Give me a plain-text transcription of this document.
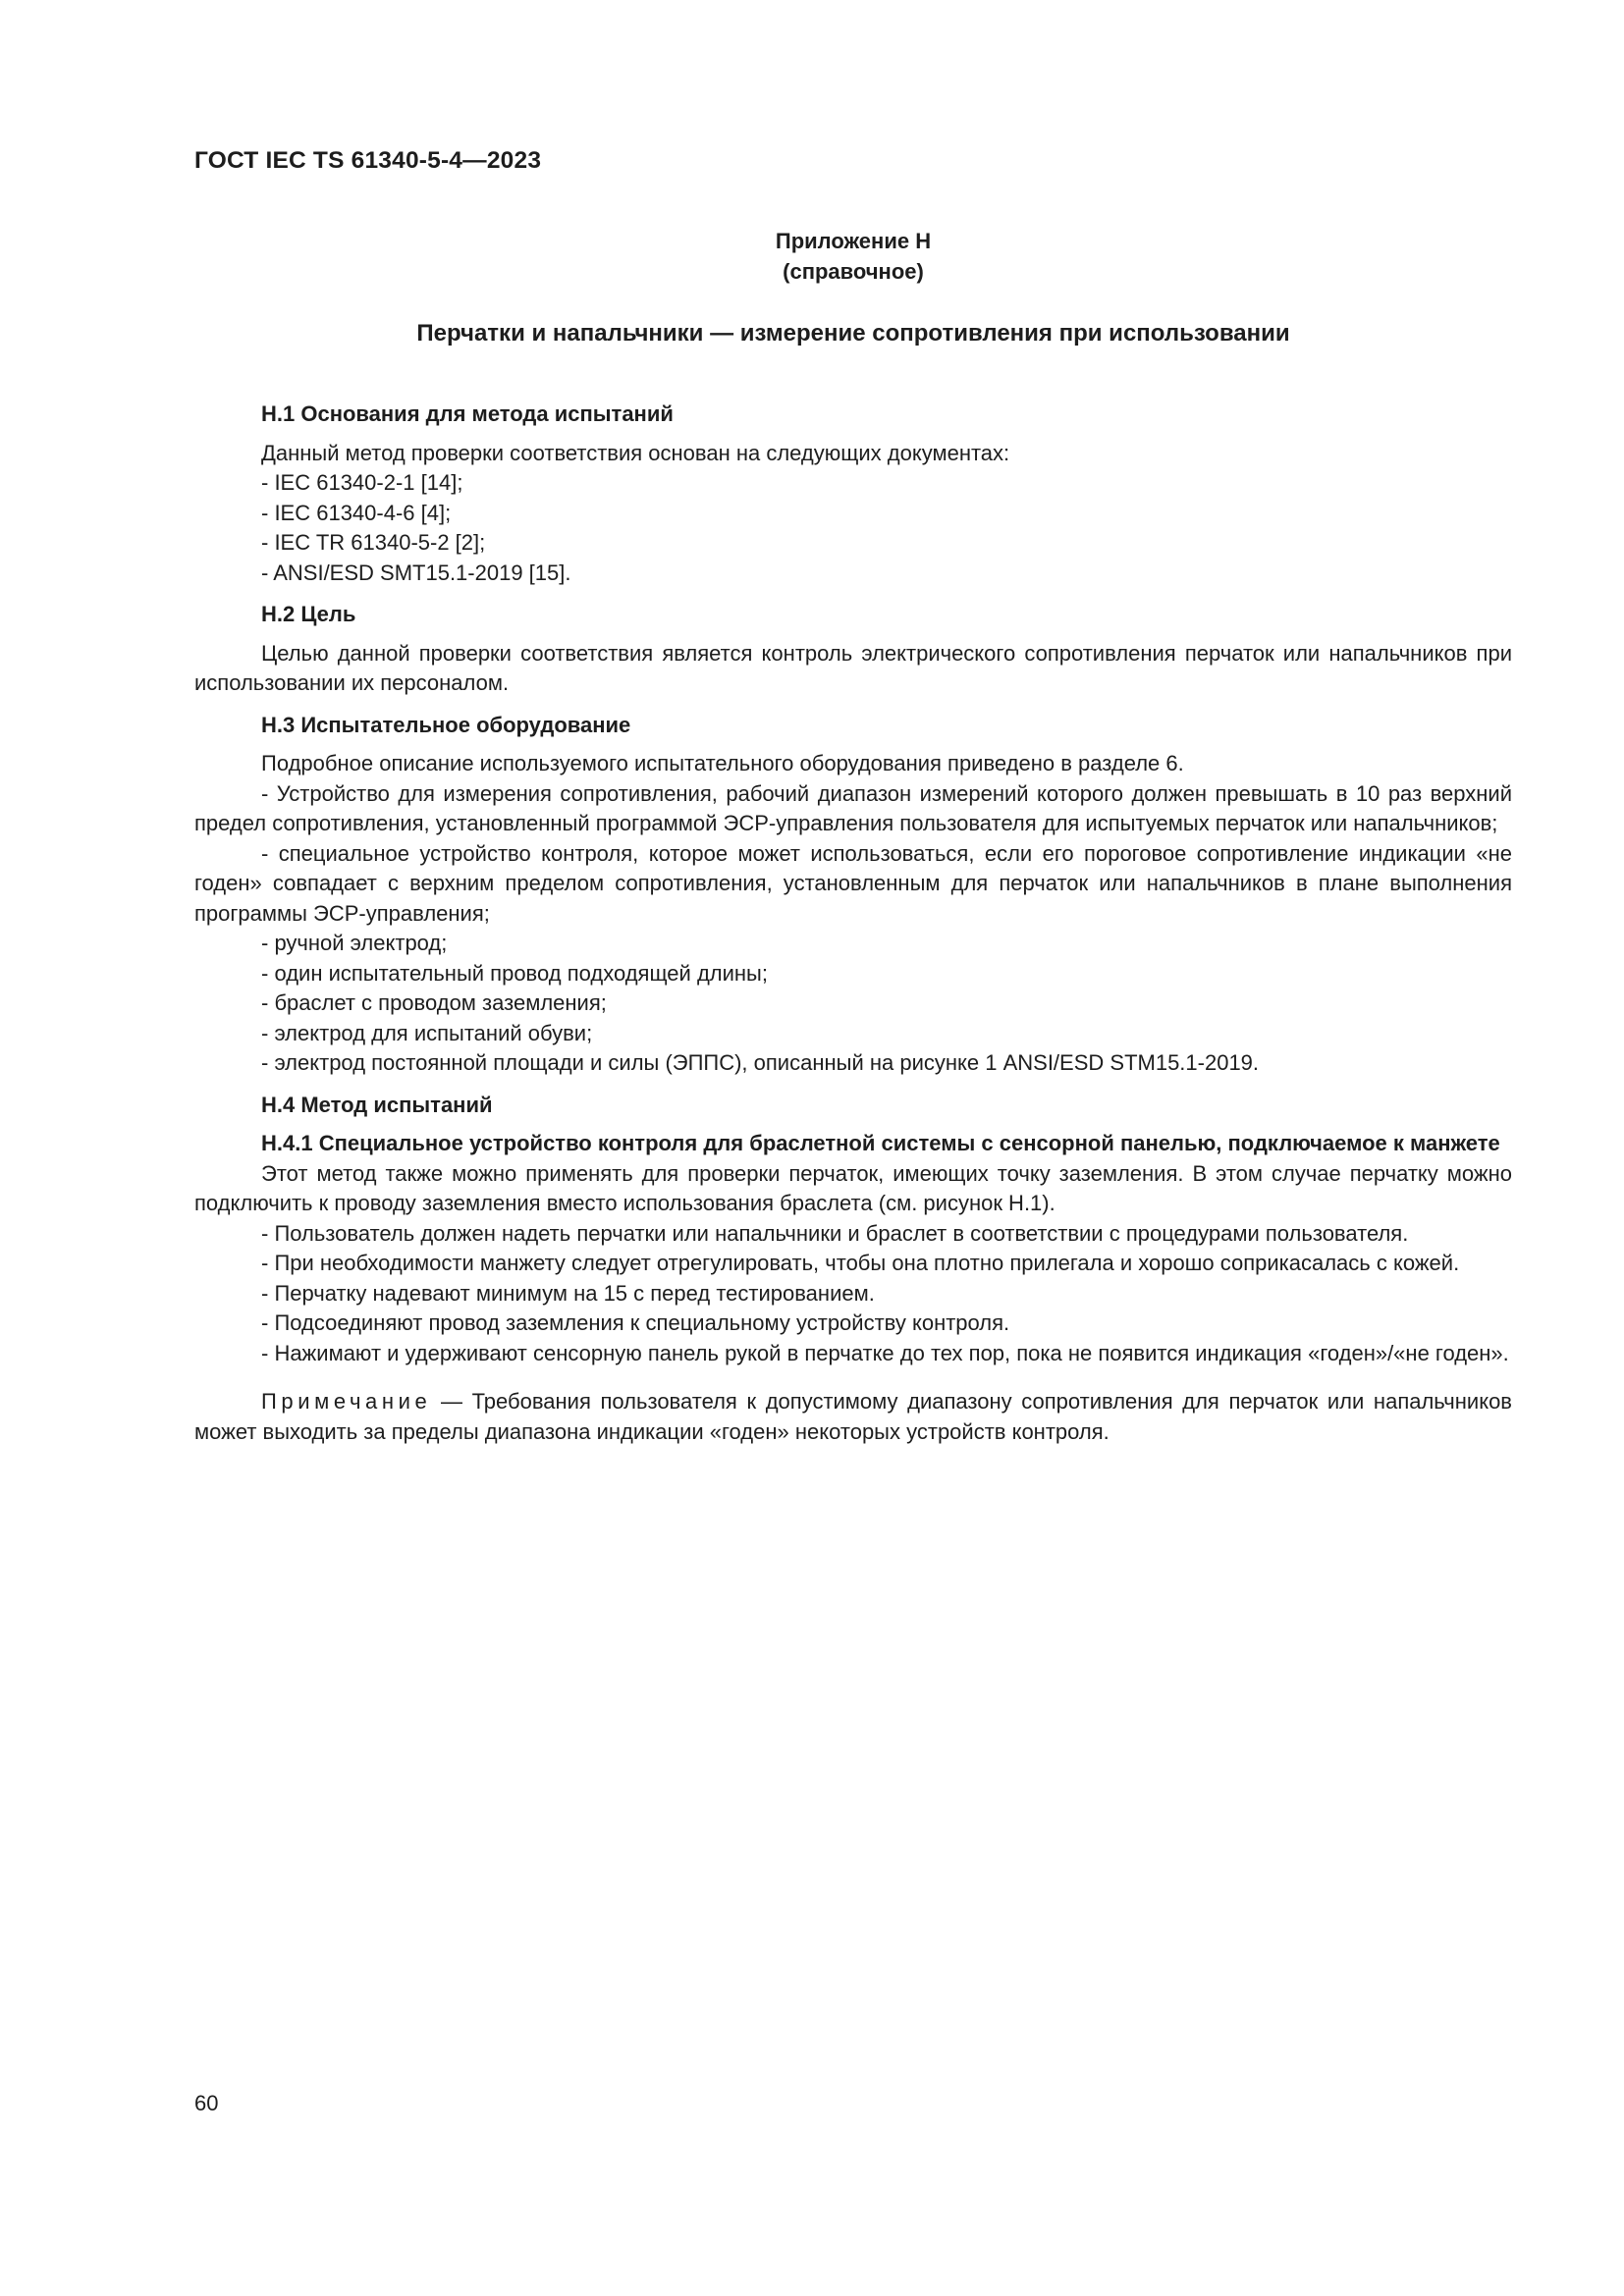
ГОСТ IEC TS 61340-5-4—2023
Приложение Н
(справочное)
Перчатки и напальчники — измерение сопротивления при использовании
Н.1 Основания для метода испытаний
Данный метод проверки соответствия основан на следующих документах:
- IEC 61340-2-1 [14];
- IEC 61340-4-6 [4];
- IEC TR 61340-5-2 [2];
- ANSI/ESD SMT15.1-2019 [15].
Н.2 Цель
Целью данной проверки соответствия является контроль электрического сопротивления перчаток или напальчников при использовании их персоналом.
Н.3 Испытательное оборудование
Подробное описание используемого испытательного оборудования приведено в разделе 6.
- Устройство для измерения сопротивления, рабочий диапазон измерений которого должен превышать в 10 раз верхний предел сопротивления, установленный программой ЭСР-управления пользователя для испытуемых перчаток или напальчников;
- специальное устройство контроля, которое может использоваться, если его пороговое сопротивление индикации «не годен» совпадает с верхним пределом сопротивления, установленным для перчаток или напальчников в плане выполнения программы ЭСР-управления;
- ручной электрод;
- один испытательный провод подходящей длины;
- браслет с проводом заземления;
- электрод для испытаний обуви;
- электрод постоянной площади и силы (ЭППС), описанный на рисунке 1 ANSI/ESD STM15.1-2019.
Н.4 Метод испытаний
Н.4.1 Специальное устройство контроля для браслетной системы с сенсорной панелью, подключаемое к манжете
Этот метод также можно применять для проверки перчаток, имеющих точку заземления. В этом случае перчатку можно подключить к проводу заземления вместо использования браслета (см. рисунок Н.1).
- Пользователь должен надеть перчатки или напальчники и браслет в соответствии с процедурами пользователя.
- При необходимости манжету следует отрегулировать, чтобы она плотно прилегала и хорошо соприкасалась с кожей.
- Перчатку надевают минимум на 15 с перед тестированием.
- Подсоединяют провод заземления к специальному устройству контроля.
- Нажимают и удерживают сенсорную панель рукой в перчатке до тех пор, пока не появится индикация «годен»/«не годен».
Примечание — Требования пользователя к допустимому диапазону сопротивления для перчаток или напальчников может выходить за пределы диапазона индикации «годен» некоторых устройств контроля.
60
